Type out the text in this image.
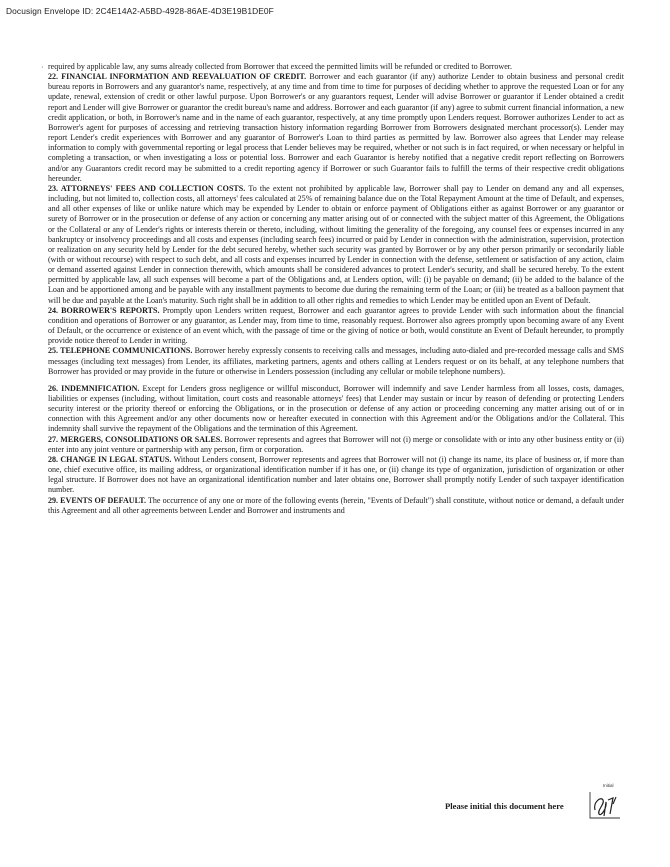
Docusign Envelope ID: 2C4E14A2-A5BD-4928-86AE-4D3E19B1DE0F
· required by applicable law, any sums already collected from Borrower that exceed the permitted limits will be refunded or credited to Borrower.

22. FINANCIAL INFORMATION AND REEVALUATION OF CREDIT. Borrower and each guarantor (if any) authorize Lender to obtain business and personal credit bureau reports in Borrowers and any guarantor's name, respectively, at any time and from time to time for purposes of deciding whether to approve the requested Loan or for any update, renewal, extension of credit or other lawful purpose. Upon Borrower's or any guarantors request, Lender will advise Borrower or guarantor if Lender obtained a credit report and Lender will give Borrower or guarantor the credit bureau's name and address. Borrower and each guarantor (if any) agree to submit current financial information, a new credit application, or both, in Borrower's name and in the name of each guarantor, respectively, at any time promptly upon Lenders request. Borrower authorizes Lender to act as Borrower's agent for purposes of accessing and retrieving transaction history information regarding Borrower from Borrowers designated merchant processor(s). Lender may report Lender's credit experiences with Borrower and any guarantor of Borrower's Loan to third parties as permitted by law. Borrower also agrees that Lender may release information to comply with governmental reporting or legal process that Lender believes may be required, whether or not such is in fact required, or when necessary or helpful in completing a transaction, or when investigating a loss or potential loss. Borrower and each Guarantor is hereby notified that a negative credit report reflecting on Borrowers and/or any Guarantors credit record may be submitted to a credit reporting agency if Borrower or such Guarantor fails to fulfill the terms of their respective credit obligations hereunder.

23. ATTORNEYS' FEES AND COLLECTION COSTS. To the extent not prohibited by applicable law, Borrower shall pay to Lender on demand any and all expenses, including, but not limited to, collection costs, all attorneys' fees calculated at 25% of remaining balance due on the Total Repayment Amount at the time of Default, and expenses, and all other expenses of like or unlike nature which may be expended by Lender to obtain or enforce payment of Obligations either as against Borrower or any guarantor or surety of Borrower or in the prosecution or defense of any action or concerning any matter arising out of or connected with the subject matter of this Agreement, the Obligations or the Collateral or any of Lender's rights or interests therein or thereto, including, without limiting the generality of the foregoing, any counsel fees or expenses incurred in any bankruptcy or insolvency proceedings and all costs and expenses (including search fees) incurred or paid by Lender in connection with the administration, supervision, protection or realization on any security held by Lender for the debt secured hereby, whether such security was granted by Borrower or by any other person primarily or secondarily liable (with or without recourse) with respect to such debt, and all costs and expenses incurred by Lender in connection with the defense, settlement or satisfaction of any action, claim or demand asserted against Lender in connection therewith, which amounts shall be considered advances to protect Lender's security, and shall be secured hereby. To the extent permitted by applicable law, all such expenses will become a part of the Obligations and, at Lenders option, will: (i) be payable on demand; (ii) be added to the balance of the Loan and be apportioned among and be payable with any installment payments to become due during the remaining term of the Loan; or (iii) be treated as a balloon payment that will be due and payable at the Loan's maturity. Such right shall be in addition to all other rights and remedies to which Lender may be entitled upon an Event of Default.

24. BORROWER'S REPORTS. Promptly upon Lenders written request, Borrower and each guarantor agrees to provide Lender with such information about the financial condition and operations of Borrower or any guarantor, as Lender may, from time to time, reasonably request. Borrower also agrees promptly upon becoming aware of any Event of Default, or the occurrence or existence of an event which, with the passage of time or the giving of notice or both, would constitute an Event of Default hereunder, to promptly provide notice thereof to Lender in writing.

25. TELEPHONE COMMUNICATIONS. Borrower hereby expressly consents to receiving calls and messages, including auto-dialed and pre-recorded message calls and SMS messages (including text messages) from Lender, its affiliates, marketing partners, agents and others calling at Lenders request or on its behalf, at any telephone numbers that Borrower has provided or may provide in the future or otherwise in Lenders possession (including any cellular or mobile telephone numbers).

26. INDEMNIFICATION. Except for Lenders gross negligence or willful misconduct, Borrower will indemnify and save Lender harmless from all losses, costs, damages, liabilities or expenses (including, without limitation, court costs and reasonable attorneys' fees) that Lender may sustain or incur by reason of defending or protecting Lenders security interest or the priority thereof or enforcing the Obligations, or in the prosecution or defense of any action or proceeding concerning any matter arising out of or in connection with this Agreement and/or any other documents now or hereafter executed in connection with this Agreement and/or the Obligations and/or the Collateral. This indemnity shall survive the repayment of the Obligations and the termination of this Agreement.

27. MERGERS, CONSOLIDATIONS OR SALES. Borrower represents and agrees that Borrower will not (i) merge or consolidate with or into any other business entity or (ii) enter into any joint venture or partnership with any person, firm or corporation.

28. CHANGE IN LEGAL STATUS. Without Lenders consent, Borrower represents and agrees that Borrower will not (i) change its name, its place of business or, if more than one, chief executive office, its mailing address, or organizational identification number if it has one, or (ii) change its type of organization, jurisdiction of organization or other legal structure. If Borrower does not have an organizational identification number and later obtains one, Borrower shall promptly notify Lender of such taxpayer identification number.

29. EVENTS OF DEFAULT. The occurrence of any one or more of the following events (herein, "Events of Default") shall constitute, without notice or demand, a default under this Agreement and all other agreements between Lender and Borrower and instruments and

Please initial this document here
Initial
